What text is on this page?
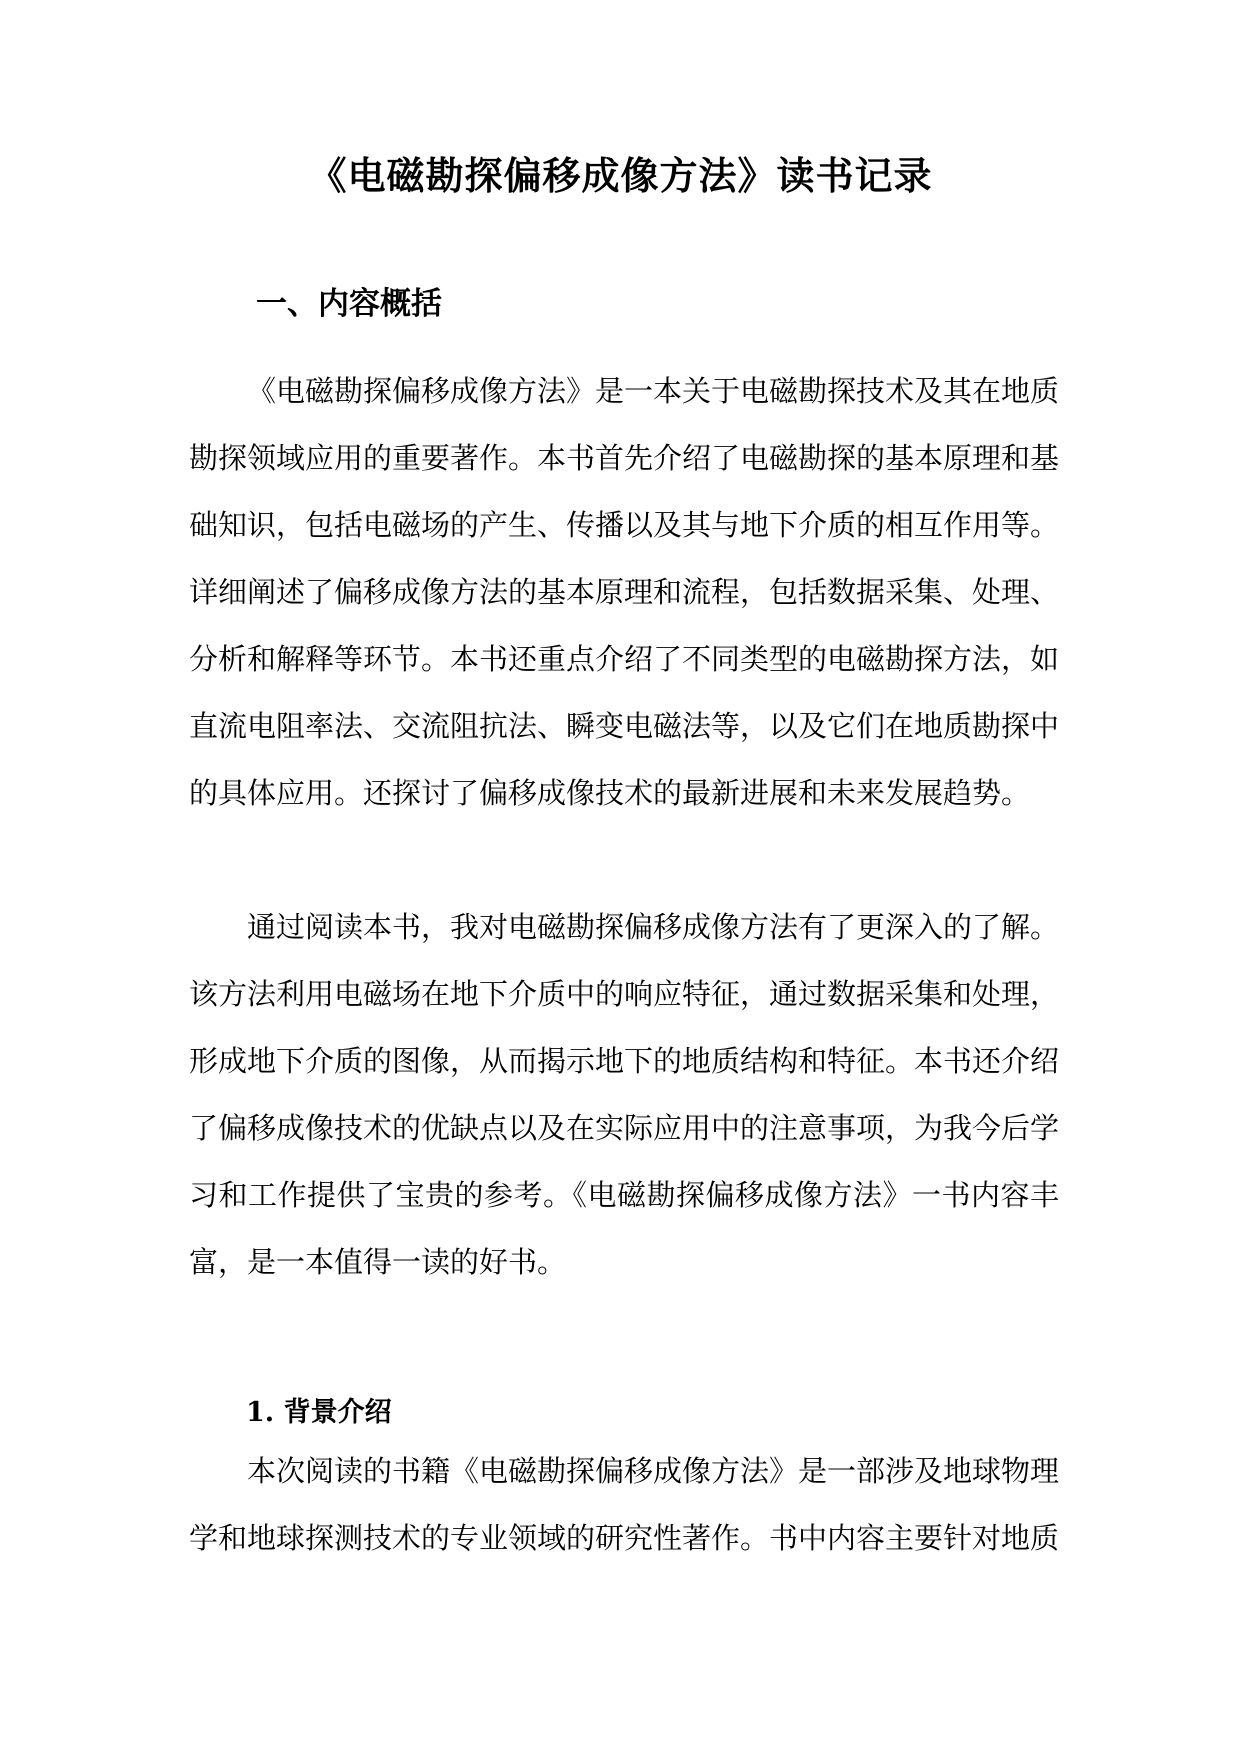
《电磁勘探偏移成像方法》读书记录
一、内容概括
《电磁勘探偏移成像方法》是一本关于电磁勘探技术及其在地质
勘探领域应用的重要著作。本书首先介绍了电磁勘探的基本原理和基
础知识，包括电磁场的产生、传播以及其与地下介质的相互作用等。
详细阐述了偏移成像方法的基本原理和流程，包括数据采集、处理、
分析和解释等环节。本书还重点介绍了不同类型的电磁勘探方法，如
直流电阻率法、交流阻抗法、瞬变电磁法等，以及它们在地质勘探中
的具体应用。还探讨了偏移成像技术的最新进展和未来发展趋势。
通过阅读本书，我对电磁勘探偏移成像方法有了更深入的了解。
该方法利用电磁场在地下介质中的响应特征，通过数据采集和处理，
形成地下介质的图像，从而揭示地下的地质结构和特征。本书还介绍
了偏移成像技术的优缺点以及在实际应用中的注意事项，为我今后学
习和工作提供了宝贵的参考。《电磁勘探偏移成像方法》一书内容丰
富，是一本值得一读的好书。
1. 背景介绍
本次阅读的书籍《电磁勘探偏移成像方法》是一部涉及地球物理
学和地球探测技术的专业领域的研究性著作。书中内容主要针对地质
